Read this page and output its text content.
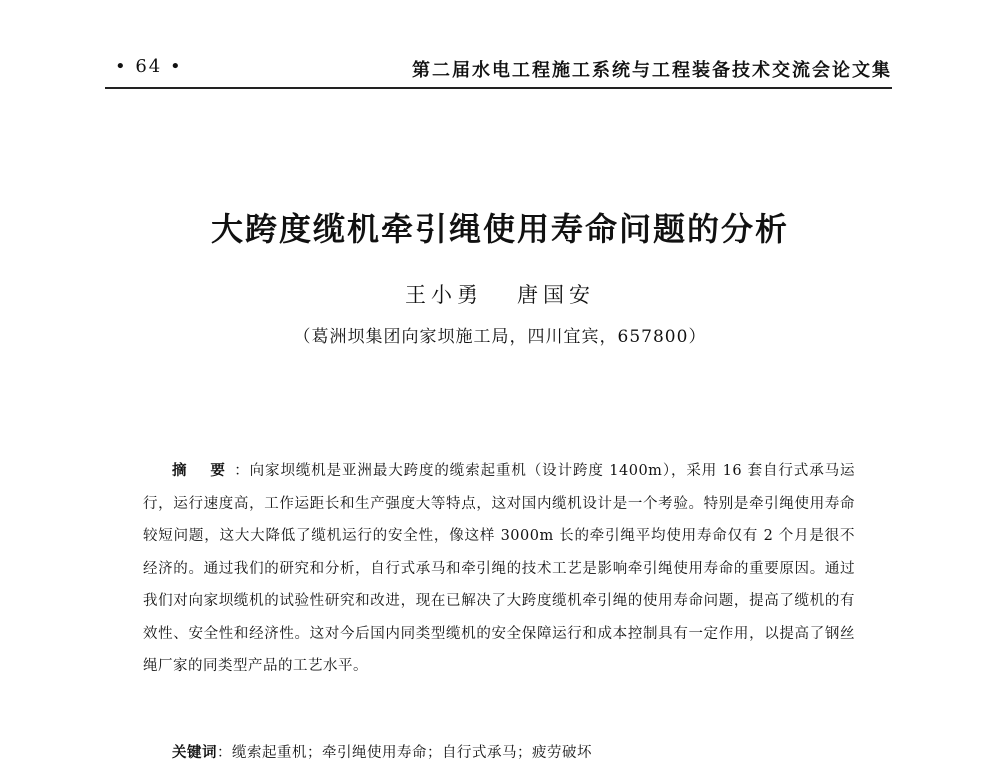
• 64 •	第二届水电工程施工系统与工程装备技术交流会论文集
大跨度缆机牵引绳使用寿命问题的分析
王小勇 唐国安
（葛洲坝集团向家坝施工局，四川宜宾，657800）
摘 要：向家坝缆机是亚洲最大跨度的缆索起重机（设计跨度 1400m），采用 16 套自行式承马运行，运行速度高，工作运距长和生产强度大等特点，这对国内缆机设计是一个考验。特别是牵引绳使用寿命较短问题，这大大降低了缆机运行的安全性，像这样 3000m 长的牵引绳平均使用寿命仅有 2 个月是很不经济的。通过我们的研究和分析，自行式承马和牵引绳的技术工艺是影响牵引绳使用寿命的重要原因。通过我们对向家坝缆机的试验性研究和改进，现在已解决了大跨度缆机牵引绳的使用寿命问题，提高了缆机的有效性、安全性和经济性。这对今后国内同类型缆机的安全保障运行和成本控制具有一定作用，以提高了钢丝绳厂家的同类型产品的工艺水平。
关键词：缆索起重机；牵引绳使用寿命；自行式承马；疲劳破坏
